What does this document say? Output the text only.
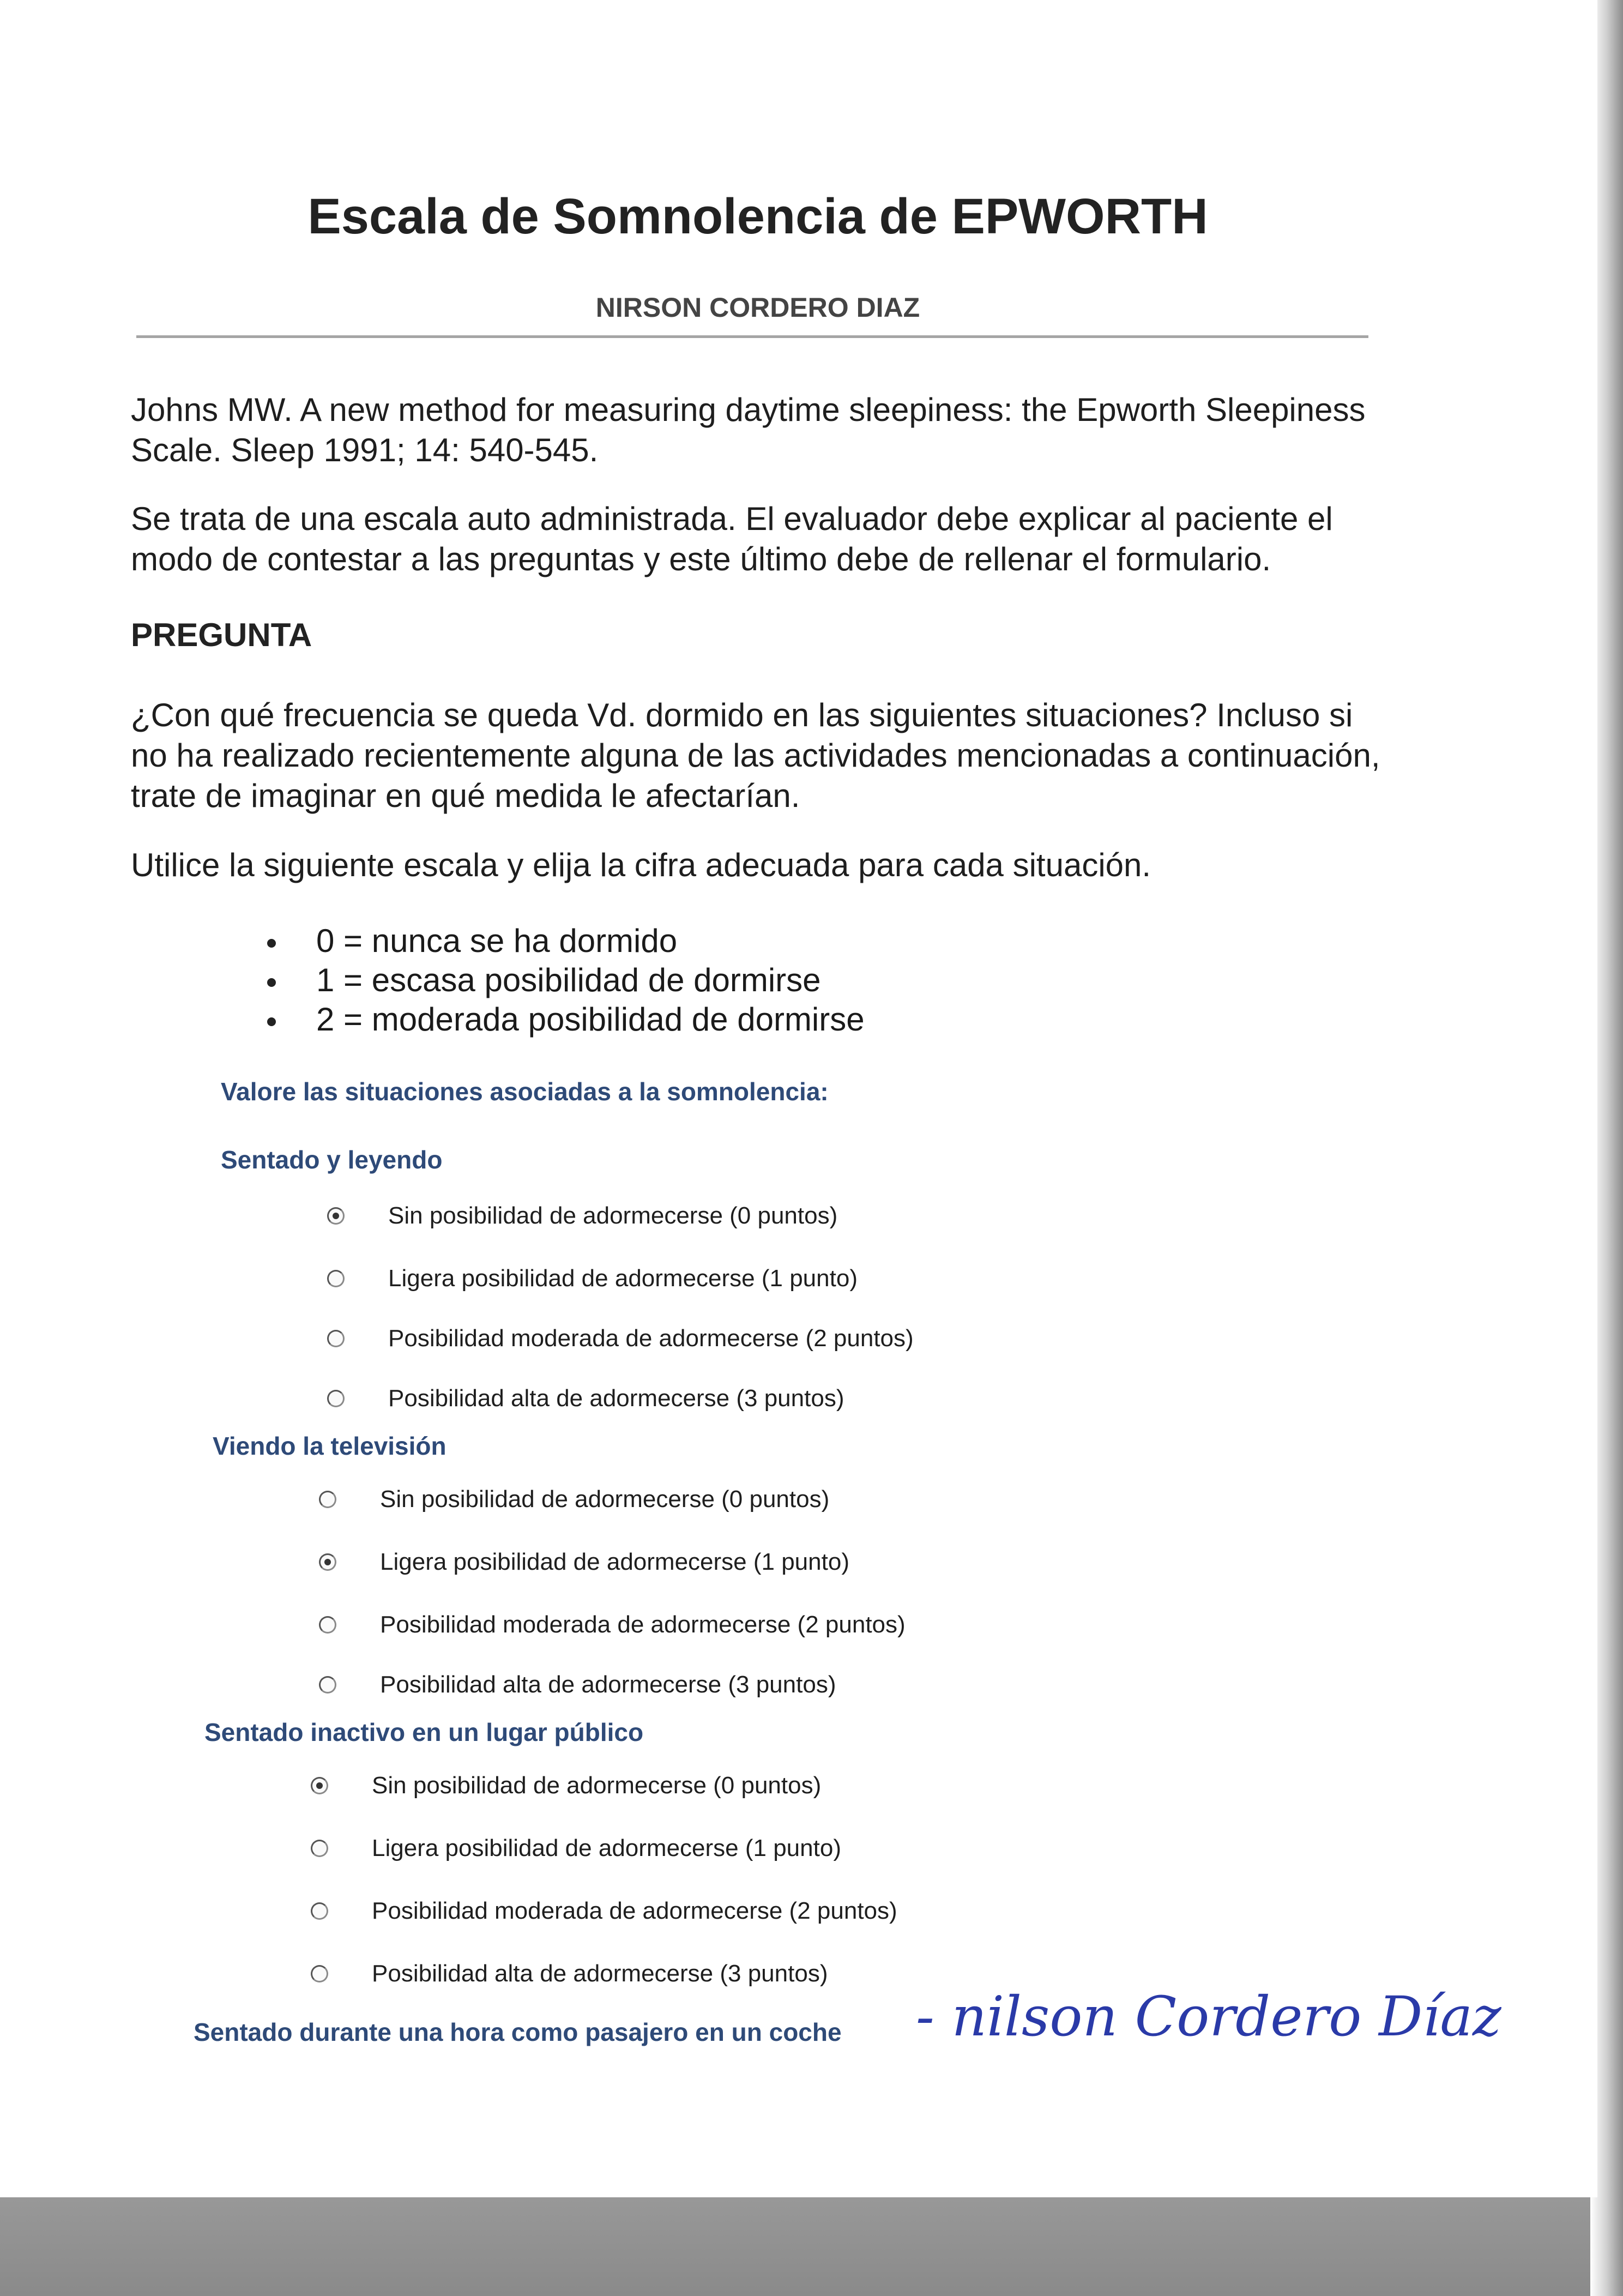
Escala de Somnolencia de EPWORTH
NIRSON CORDERO DIAZ
Johns MW. A new method for measuring daytime sleepiness: the Epworth Sleepiness Scale. Sleep 1991; 14: 540-545.
Se trata de una escala auto administrada. El evaluador debe explicar al paciente el modo de contestar a las preguntas y este último debe de rellenar el formulario.
PREGUNTA
¿Con qué frecuencia se queda Vd. dormido en las siguientes situaciones? Incluso si no ha realizado recientemente alguna de las actividades mencionadas a continuación, trate de imaginar en qué medida le afectarían.
Utilice la siguiente escala y elija la cifra adecuada para cada situación.
0 = nunca se ha dormido
1 = escasa posibilidad de dormirse
2 = moderada posibilidad de dormirse
Valore las situaciones asociadas a la somnolencia:
Sentado y leyendo
Sin posibilidad de adormecerse (0 puntos)
Ligera posibilidad de adormecerse (1 punto)
Posibilidad moderada de adormecerse (2 puntos)
Posibilidad alta de adormecerse (3 puntos)
Viendo la televisión
Sin posibilidad de adormecerse (0 puntos)
Ligera posibilidad de adormecerse (1 punto)
Posibilidad moderada de adormecerse (2 puntos)
Posibilidad alta de adormecerse (3 puntos)
Sentado inactivo en un lugar público
Sin posibilidad de adormecerse (0 puntos)
Ligera posibilidad de adormecerse (1 punto)
Posibilidad moderada de adormecerse (2 puntos)
Posibilidad alta de adormecerse (3 puntos)
Sentado durante una hora como pasajero en un coche - nilson Cordero Díaz
